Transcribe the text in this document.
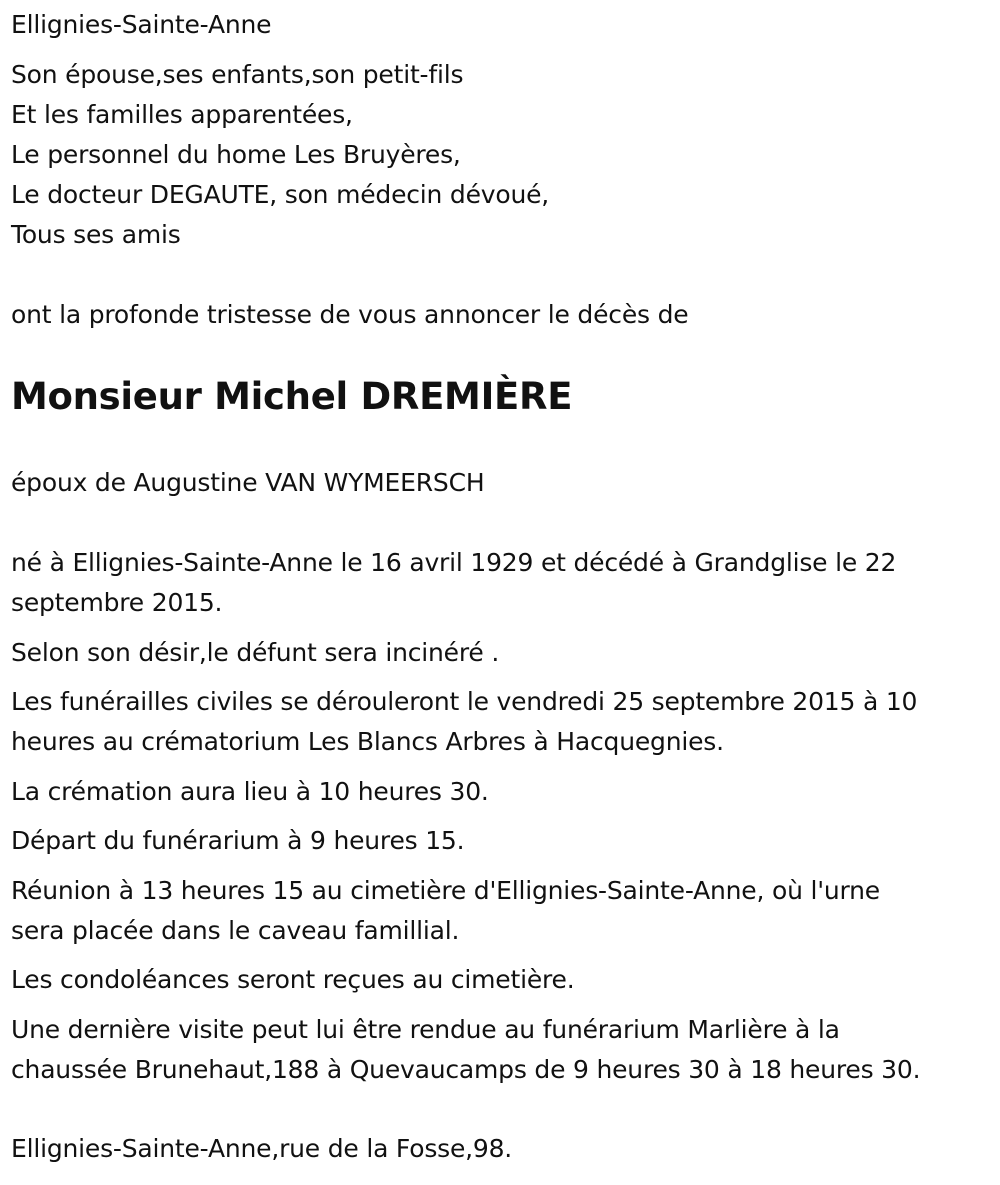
Ellignies-Sainte-Anne
Son épouse,ses enfants,son petit-fils
Et les familles apparentées,
Le personnel du home Les Bruyères,
Le docteur DEGAUTE, son médecin dévoué,
Tous ses amis
ont la profonde tristesse de vous annoncer le décès de
Monsieur Michel DREMIÈRE
époux de Augustine VAN WYMEERSCH
né à Ellignies-Sainte-Anne le 16 avril 1929 et décédé à Grandglise le 22
septembre 2015.
Selon son désir,le défunt sera incinéré .
Les funérailles civiles se dérouleront le vendredi 25 septembre 2015 à 10
heures au crématorium Les Blancs Arbres à Hacquegnies.
La crémation aura lieu à 10 heures 30.
Départ du funérarium à 9 heures 15.
Réunion à 13 heures 15 au cimetière d'Ellignies-Sainte-Anne, où l'urne
sera placée dans le caveau famillial.
Les condoléances seront reçues au cimetière.
Une dernière visite peut lui être rendue au funérarium Marlière à la
chaussée Brunehaut,188 à Quevaucamps de 9 heures 30 à 18 heures 30.
Ellignies-Sainte-Anne,rue de la Fosse,98.
